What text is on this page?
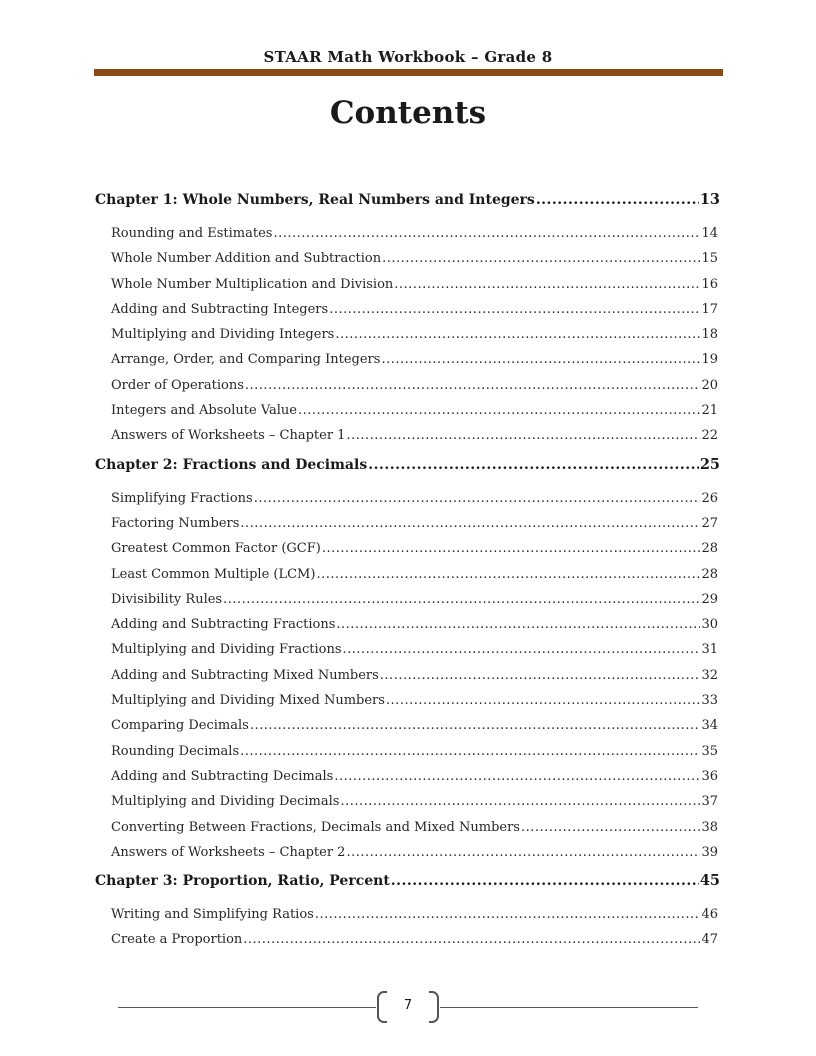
STAAR Math Workbook – Grade 8
Contents
Chapter 1: Whole Numbers, Real Numbers and Integers .....	13
Rounding and Estimates .....	14
Whole Number Addition and Subtraction .....	15
Whole Number Multiplication and Division .....	16
Adding and Subtracting Integers .....	17
Multiplying and Dividing Integers .....	18
Arrange, Order, and Comparing Integers .....	19
Order of Operations .....	20
Integers and Absolute Value .....	21
Answers of Worksheets – Chapter 1 .....	22
Chapter 2: Fractions and Decimals .....	25
Simplifying Fractions .....	26
Factoring Numbers .....	27
Greatest Common Factor (GCF) .....	28
Least Common Multiple (LCM) .....	28
Divisibility Rules .....	29
Adding and Subtracting Fractions .....	30
Multiplying and Dividing Fractions .....	31
Adding and Subtracting Mixed Numbers .....	32
Multiplying and Dividing Mixed Numbers .....	33
Comparing Decimals .....	34
Rounding Decimals .....	35
Adding and Subtracting Decimals .....	36
Multiplying and Dividing Decimals .....	37
Converting Between Fractions, Decimals and Mixed Numbers .....	38
Answers of Worksheets – Chapter 2 .....	39
Chapter 3: Proportion, Ratio, Percent .....	45
Writing and Simplifying Ratios .....	46
Create a Proportion .....	47
7
